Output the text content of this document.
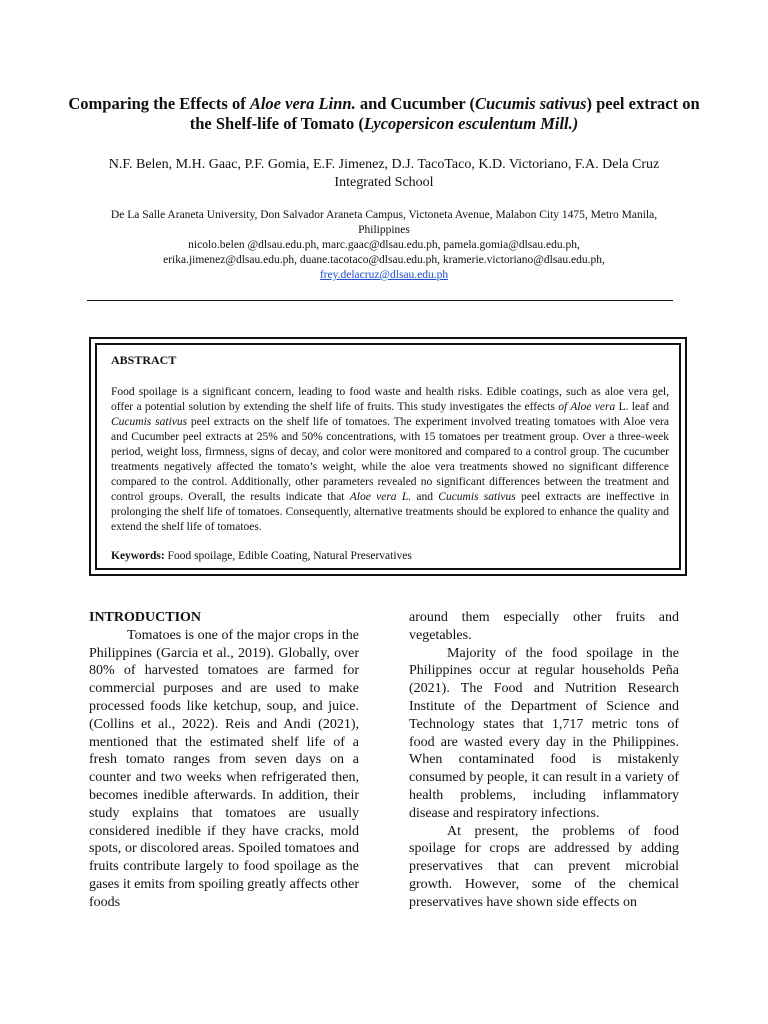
Comparing the Effects of Aloe vera Linn. and Cucumber (Cucumis sativus) peel extract on the Shelf-life of Tomato (Lycopersicon esculentum Mill.)
N.F. Belen, M.H. Gaac, P.F. Gomia, E.F. Jimenez, D.J. TacoTaco, K.D. Victoriano, F.A. Dela Cruz
Integrated School
De La Salle Araneta University, Don Salvador Araneta Campus, Victoneta Avenue, Malabon City 1475, Metro Manila, Philippines
nicolo.belen @dlsau.edu.ph, marc.gaac@dlsau.edu.ph, pamela.gomia@dlsau.edu.ph,
erika.jimenez@dlsau.edu.ph, duane.tacotaco@dlsau.edu.ph, kramerie.victoriano@dlsau.edu.ph,
frey.delacruz@dlsau.edu.ph
ABSTRACT

Food spoilage is a significant concern, leading to food waste and health risks. Edible coatings, such as aloe vera gel, offer a potential solution by extending the shelf life of fruits. This study investigates the effects of Aloe vera L. leaf and Cucumis sativus peel extracts on the shelf life of tomatoes. The experiment involved treating tomatoes with Aloe vera and Cucumber peel extracts at 25% and 50% concentrations, with 15 tomatoes per treatment group. Over a three-week period, weight loss, firmness, signs of decay, and color were monitored and compared to a control group. The cucumber treatments negatively affected the tomato’s weight, while the aloe vera treatments showed no significant difference compared to the control. Additionally, other parameters revealed no significant differences between the treatment and control groups. Overall, the results indicate that Aloe vera L. and Cucumis sativus peel extracts are ineffective in prolonging the shelf life of tomatoes. Consequently, alternative treatments should be explored to enhance the quality and extend the shelf life of tomatoes.

Keywords: Food spoilage, Edible Coating, Natural Preservatives

INTRODUCTION

Tomatoes is one of the major crops in the Philippines (Garcia et al., 2019). Globally, over 80% of harvested tomatoes are farmed for commercial purposes and are used to make processed foods like ketchup, soup, and juice. (Collins et al., 2022). Reis and Andi (2021), mentioned that the estimated shelf life of a fresh tomato ranges from seven days on a counter and two weeks when refrigerated then, becomes inedible afterwards. In addition, their study explains that tomatoes are usually considered inedible if they have cracks, mold spots, or discolored areas. Spoiled tomatoes and fruits contribute largely to food spoilage as the gases it emits from spoiling greatly affects other foods

around them especially other fruits and vegetables.

Majority of the food spoilage in the Philippines occur at regular households Peña (2021). The Food and Nutrition Research Institute of the Department of Science and Technology states that 1,717 metric tons of food are wasted every day in the Philippines. When contaminated food is mistakenly consumed by people, it can result in a variety of health problems, including inflammatory disease and respiratory infections.

At present, the problems of food spoilage for crops are addressed by adding preservatives that can prevent microbial growth. However, some of the chemical preservatives have shown side effects on
